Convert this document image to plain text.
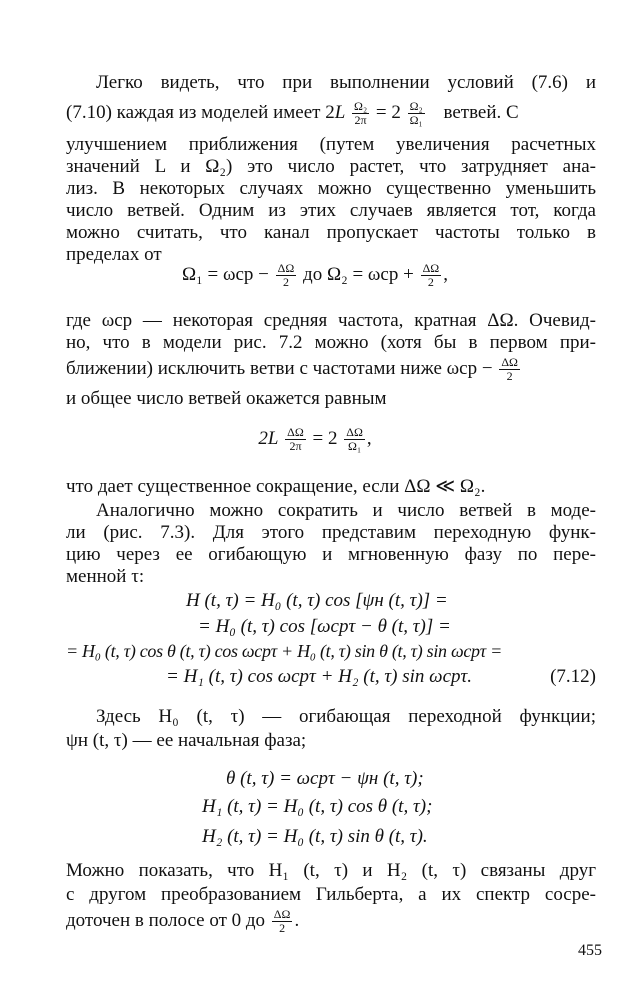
Легко видеть, что при выполнении условий (7.6) и
(7.10) каждая из моделей имеет $2L \frac{\text{Ω₂}}{2\pi} = 2 \frac{\text{Ω₂}}{\text{Ω₁}}$ ветвей. С
улучшением приближения (путем увеличения расчетных
значений L и Ω₂) это число растет, что затрудняет ана-
лиз. В некоторых случаях можно существенно уменьшить
число ветвей. Одним из этих случаев является тот, когда
можно считать, что канал пропускает частоты только в
пределах от
$\Omega_1 = \omega ср - \frac{\Delta\Omega}{2}$ до $\Omega_2 = \omega ср + \frac{\Delta\Omega}{2}$ ,
где ωср — некоторая средняя частота, кратная ΔΩ. Очевид-
но, что в модели рис. 7.2 можно (хотя бы в первом при-
ближении) исключить ветви с частотами ниже $\omega ср - \frac{\Delta\Omega}{2}$
и общее число ветвей окажется равным
$2L \frac{\Delta\Omega}{2\pi} = 2 \frac{\Delta\Omega}{\text{Ω₁}}$ ,
что дает существенное сокращение, если ΔΩ ≪ Ω₂.
Аналогично можно сократить и число ветвей в моде-
ли (рис. 7.3). Для этого представим переходную функ-
цию через ее огибающую и мгновенную фазу по пере-
менной τ:
H (t, τ) = H₀ (t, τ) cos [ψн (t, τ)] =
= H₀ (t, τ) cos [ωсрτ − θ (t, τ)] =
= H₀ (t, τ) cos θ (t, τ) cos ωсрτ + H₀ (t, τ) sin θ (t, τ) sin ωсрτ =
= H₁ (t, τ) cos ωсрτ + H₂ (t, τ) sin ωсрτ.	(7.12)
Здесь H₀ (t, τ) — огибающая переходной функции;
ψн (t, τ) — ее начальная фаза;
θ (t, τ) = ωсрτ − ψн (t, τ);
H₁ (t, τ) = H₀ (t, τ) cos θ (t, τ);
H₂ (t, τ) = H₀ (t, τ) sin θ (t, τ).
Можно показать, что H₁ (t, τ) и H₂ (t, τ) связаны друг
с другом преобразованием Гильберта, а их спектр сосре-
доточен в полосе от 0 до $\frac{\Delta\Omega}{2}$ .
455
